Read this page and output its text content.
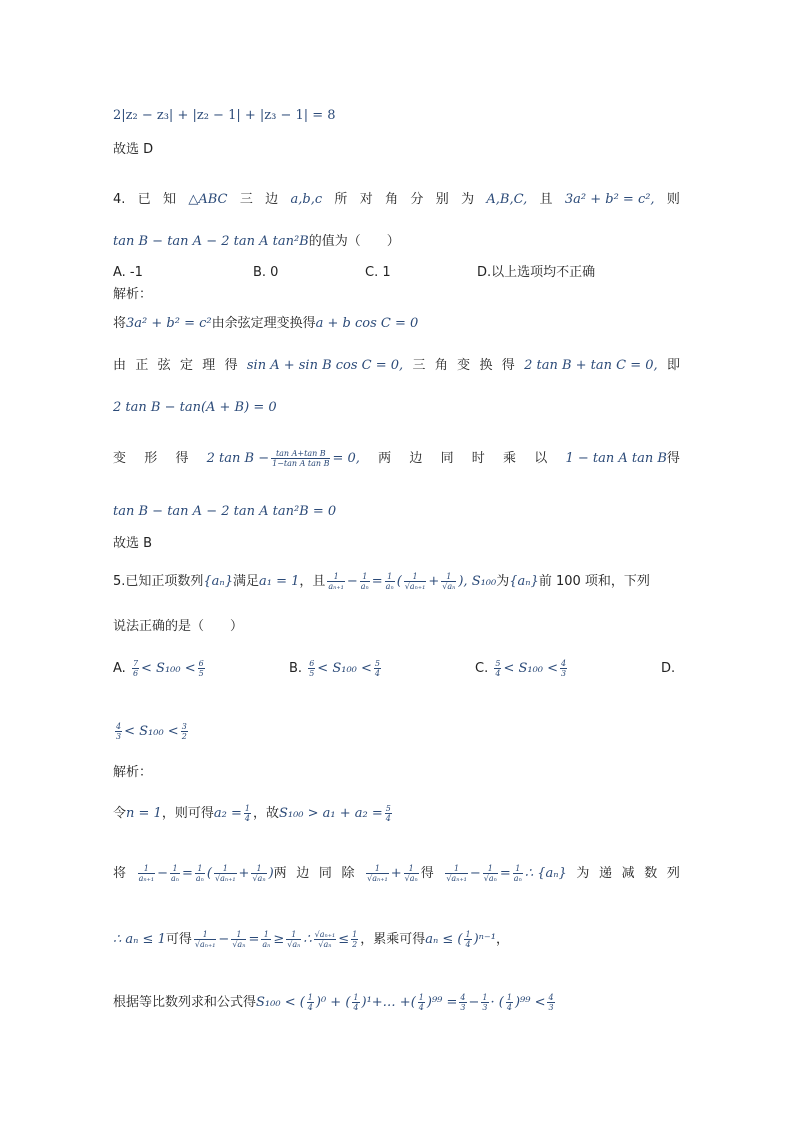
2|z₂ − z₃| + |z₂ − 1| + |z₃ − 1| = 8
故选 D
4. 已 知 △ABC 三 边 a,b,c 所 对 角 分 别 为 A,B,C, 且 3a² + b² = c², 则
tan B − tan A − 2 tan A tan²B的值为（　　）
A. -1	B. 0	C. 1	D.以上选项均不正确
解析：
将3a² + b² = c²由余弦定理变换得a + b cos C = 0
由 正 弦 定 理 得 sin A + sin B cos C = 0, 三 角 变 换 得 2 tan B + tan C = 0, 即
2 tan B − tan(A + B) = 0
变 形 得 2 $\tan B - \frac{\text{tan A+tan B}}{\text{1−tan A tan B}} = 0$, 两 边 同 时 乘 以 1 − tan A tan B得
tan B − tan A − 2 tan A tan²B = 0
故选 B
5.已知正项数列{aₙ}满足a₁ = 1，且 $\frac{1}{\text{aₙ₊₁}} - \frac{1}{\text{aₙ}} = \frac{1}{\text{aₙ}}$ ( $\frac{1}{\text{√aₙ₊₁}} + \frac{1}{\text{√aₙ}}$ ), S₁₀₀为{aₙ}前 100 项和，下列
说法正确的是（　　）
A. $\frac{7}{6} < S_{100} < \frac{6}{5}$	B. $\frac{6}{5} < S_{100} < \frac{5}{4}$	C. $\frac{5}{4} < S_{100} < \frac{4}{3}$	D.
$\frac{4}{3} < S_{100} < \frac{3}{2}$
解析：
令n = 1，则可得$a_2 = \frac{1}{4}$ ，故$S_{100} > a_1 + a_2 = \frac{5}{4}$
将 $\frac{1}{\text{aₙ₊₁}} - \frac{1}{\text{aₙ}} = \frac{1}{\text{aₙ}}$ ( $\frac{1}{\text{√aₙ₊₁}} + \frac{1}{\text{√aₙ}}$ )两 边 同 除 $\frac{1}{\text{√aₙ₊₁}} + \frac{1}{\text{√aₙ}}$ 得 $\frac{1}{\text{√aₙ₊₁}} - \frac{1}{\text{√aₙ}} = \frac{1}{\text{aₙ}}$ ∴ {aₙ} 为 递 减 数 列
∴ aₙ ≤ 1可得 $\frac{1}{\text{√aₙ₊₁}} - \frac{1}{\text{√aₙ}} = \frac{1}{\text{aₙ}} \ge \frac{1}{\text{√aₙ}}$ ∴ $\frac{\text{√aₙ₊₁}}{\text{√aₙ}} \le \frac{1}{2}$ ，累乘可得aₙ ≤ ( $\frac{1}{4} )^{n-1}$，
根据等比数列求和公式得S₁₀₀ < ( $\frac{1}{4} )^0$ + ( $\frac{1}{4}$ )¹+… +( $\frac{1}{4} )^{99} = \frac{4}{3} - \frac{1}{3}$ · ( $\frac{1}{4} )^{99} < \frac{4}{3}$
